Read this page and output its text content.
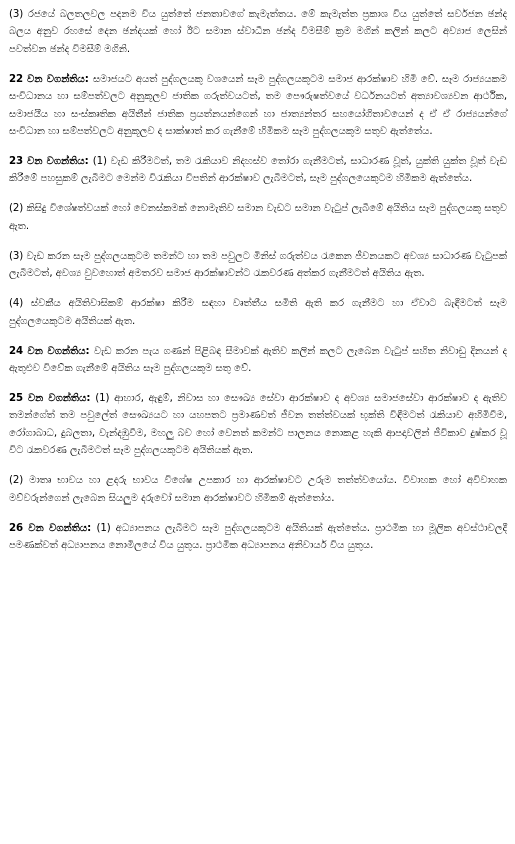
(3) රජයේ බලතලවල පදනම විය යුත්තේ ජනතාවගේ කැමැත්තය. මේ කැමැත්ත ප්‍රකාශ විය යුත්තේ සර්වජන ඡන්ද බලය අනුව රහසේ දෙන ඡන්දයක් හෝ ඊට සමාන ස්වාධීන ඡන්ද විමසීම් ක්‍රම මගින් කලින් කලට අව්‍යාජ ලෙසින් පවත්වන ඡන්ද විමසීම් මගිනි.

22 වන වගන්තිය: සමාජයට අයත් පුද්ගලයකු වශයෙන් සෑම පුද්ගලයකුටම සමාජ ආරක්ෂාව හිමි වේ. සෑම රාජ්‍යයකම සංවිධානය හා සම්පත්වලට අනුකූලව ජාතික ගරුත්වයටත්, තම පෞරුෂත්වයේ වර්ධනයටත් අත්‍යාවශ්‍යවන ආර්ථික, සමාජයීය හා සංස්කෘතික අයිතීන් ජාතික ප්‍රයත්නයන්ගෙන් හා ජාත්‍යන්තර සහයෝගිතාවයෙන් ද ඒ ඒ රාජ්‍යයන්ගේ සංවිධාන හා සම්පත්වලට අනුකූලව ද සාක්ෂාත් කර ගැනීමේ හිමිකම සෑම පුද්ගලයකුම සතුව ඇත්තේය.

23 වන වගන්තිය: (1) වැඩ කිරීමටත්, තම රැකියාව නිදහස්ව තෝරා ගැනීමටත්, සාධාරණ වූත්, යුක්ති යුක්ත වූත් වැඩ කිරීමේ පහසුකම් ලැබීමට මෙන්ම විරැකියා විපතින් ආරක්ෂාව ලැබීමටත්, සෑම පුද්ගලයෙකුටම හිමිකම ඇත්තේය.

(2) කිසිදු විශේෂත්වයක් හෝ වෙනස්කමක් නොමැතිව සමාන වැඩට සමාන වැටුප් ලැබීමේ අයිතිය සෑම පුද්ගලයකු සතුව ඇත.

(3) වැඩ කරන සෑම පුද්ගලයකුටම තමන්ට හා තම පවුලට මිනිස් ගරුත්වය රැකෙන ජීවනයකට අවශ්‍ය සාධාරණ වැටුපක් ලැබීමටත්, අවශ්‍ය වුවහොත් අමතරව සමාජ ආරක්ෂාවන්ට රැකවරණ අත්කර ගැනීමටත් අයිතිය ඇත.

(4) ස්වකීය අයිතිවාසිකම් ආරක්ෂා කිරීම සඳහා වෘත්තීය සමිති ඇති කර ගැනීමට හා ඒවාට බැඳීමටත් සෑම පුද්ගලයෙකුටම අයිතියක් ඇත.

24 වන වගන්තිය: වැඩ කරන පැය ගණන් පිළිබඳ සීමාවක් ඇතිව කලින් කලට ලැබෙන වැටුප් සහිත නිවාඩු දිනයන් ද ඇතුළුව විවේක ගැනීමේ අයිතිය සෑම පුද්ගලයකුම සතු වේ.

25 වන වගන්තිය: (1) ආහාර, ඇඳුම්, නිවාස හා සෞඛ්‍ය සේවා ආරක්ෂාව ද අවශ්‍ය සමාජසේවා ආරක්ෂාව ද ඇතිව තමන්ගේත් තම පවුලේත් සෞඛ්‍යයට හා යහපතට ප්‍රමාණවත් ජීවන තත්ත්වයක් භුක්ති විඳීමටත් රැකියාව අහිමිවීම, රෝගාබාධ, දුබලතා, වැන්දඹුවීම, මහලු බව හෝ වෙනත් කමන්ට පාලනය නොකළ හැකි ආපදාවලින් ජීවිකාව දුෂ්කර වූ විට රැකවරණ ලැබීමටත් සෑම පුද්ගලයකුටම අයිතියක් ඇත.

(2) මාතෘ භාවය හා ළදරු භාවය විශේෂ උපකාර හා ආරක්ෂාවට උරුම තත්ත්වයෝය. විවාහක හෝ අවිවාහක මව්වරුන්ගෙන් ලැබෙන සියලුම දරුවෝ සමාන ආරක්ෂාවට හිමිකම් ඇත්තෝය.

26 වන වගන්තිය: (1) අධ්‍යාපනය ලැබීමට සෑම පුද්ගලයකුටම අයිතියක් ඇත්තේය. ප්‍රාථමික හා මූලික අවස්ථාවලදී පමණක්වත් අධ්‍යාපනය නොමිලයේ විය යුතුය. ප්‍රාථමික අධ්‍යාපනය අනිවාර්ය විය යුතුය.
